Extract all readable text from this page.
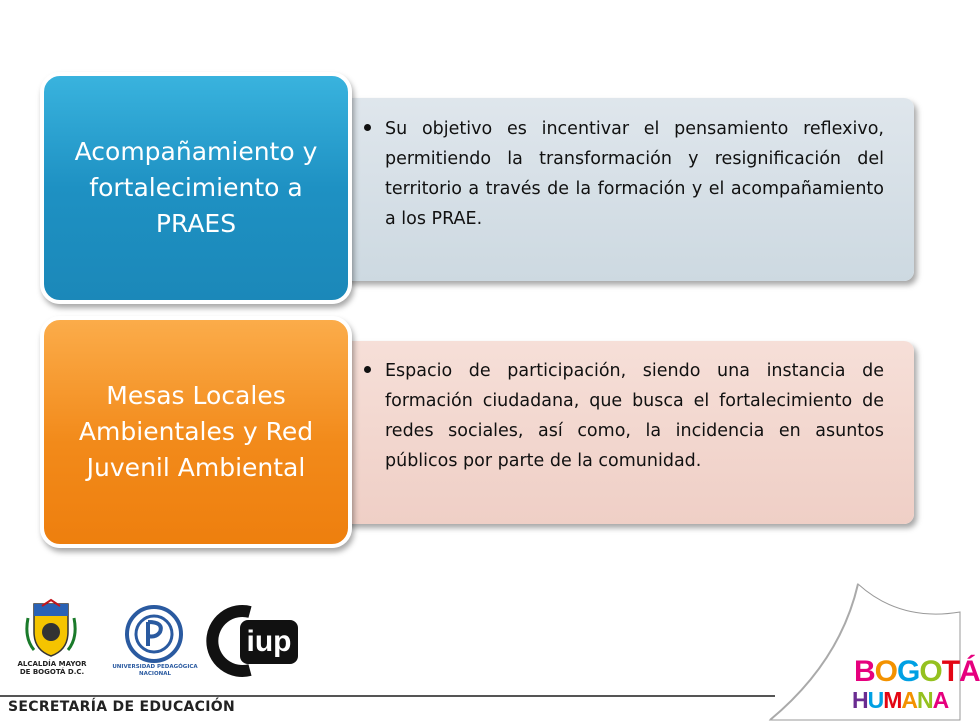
Su objetivo es incentivar el pensamiento reflexivo, permitiendo la transformación y resignificación del territorio a través de la formación y el acompañamiento a los PRAE.
Acompañamiento y fortalecimiento a PRAES
Espacio de participación, siendo una instancia de formación ciudadana, que busca el fortalecimiento de redes sociales, así como, la incidencia en asuntos públicos por parte de la comunidad.
Mesas Locales Ambientales y Red Juvenil Ambiental
ALCALDÍA MAYOR
DE BOGOTÁ D.C.
UNIVERSIDAD PEDAGÓGICA
NACIONAL
iup
BOGOTÁ
HUMANA
SECRETARÍA DE EDUCACIÓN
